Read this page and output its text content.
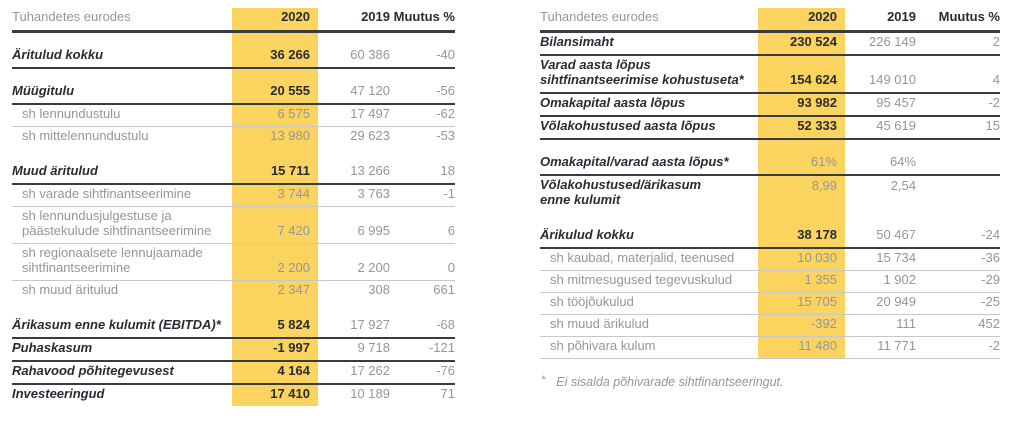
Tuhandetes eurodes	2020	2019	Muutus %

Äritulud kokku	36 266	60 386	-40

Müügitulu	20 555	47 120	-56

sh lennundustulu	6 575	17 497	-62

sh mittelennundustulu	13 980	29 623	-53

Muud äritulud	15 711	13 266	18

sh varade sihtfinantseerimine	3 744	3 763	-1

sh lennundusjulgestuse ja
päästekulude sihtfinantseerimine	7 420	6 995	6

sh regionaalsete lennujaamade
sihtfinantseerimine	2 200	2 200	0

sh muud äritulud	2 347	308	661

Ärikasum enne kulumit (EBITDA)*	5 824	17 927	-68

Puhaskasum	-1 997	9 718	-121

Rahavood põhitegevusest	4 164	17 262	-76

Investeeringud	17 410	10 189	71
Tuhandetes eurodes	2020	2019	Muutus %

Bilansimaht	230 524	226 149	2

Varad aasta lõpus
sihtfinantseerimise kohustuseta*	154 624	149 010	4

Omakapital aasta lõpus	93 982	95 457	-2

Võlakohustused aasta lõpus	52 333	45 619	15

Omakapital/varad aasta lõpus*	61%	64%	

Võlakohustused/ärikasum
enne kulumit	8,99	2,54	

Ärikulud kokku	38 178	50 467	-24

sh kaubad, materjalid, teenused	10 030	15 734	-36

sh mitmesugused tegevuskulud	1 355	1 902	-29

sh tööjõukulud	15 705	20 949	-25

sh muud ärikulud	-392	111	452

sh põhivara kulum	11 480	11 771	-2
* Ei sisalda põhivarade sihtfinantseeringut.
